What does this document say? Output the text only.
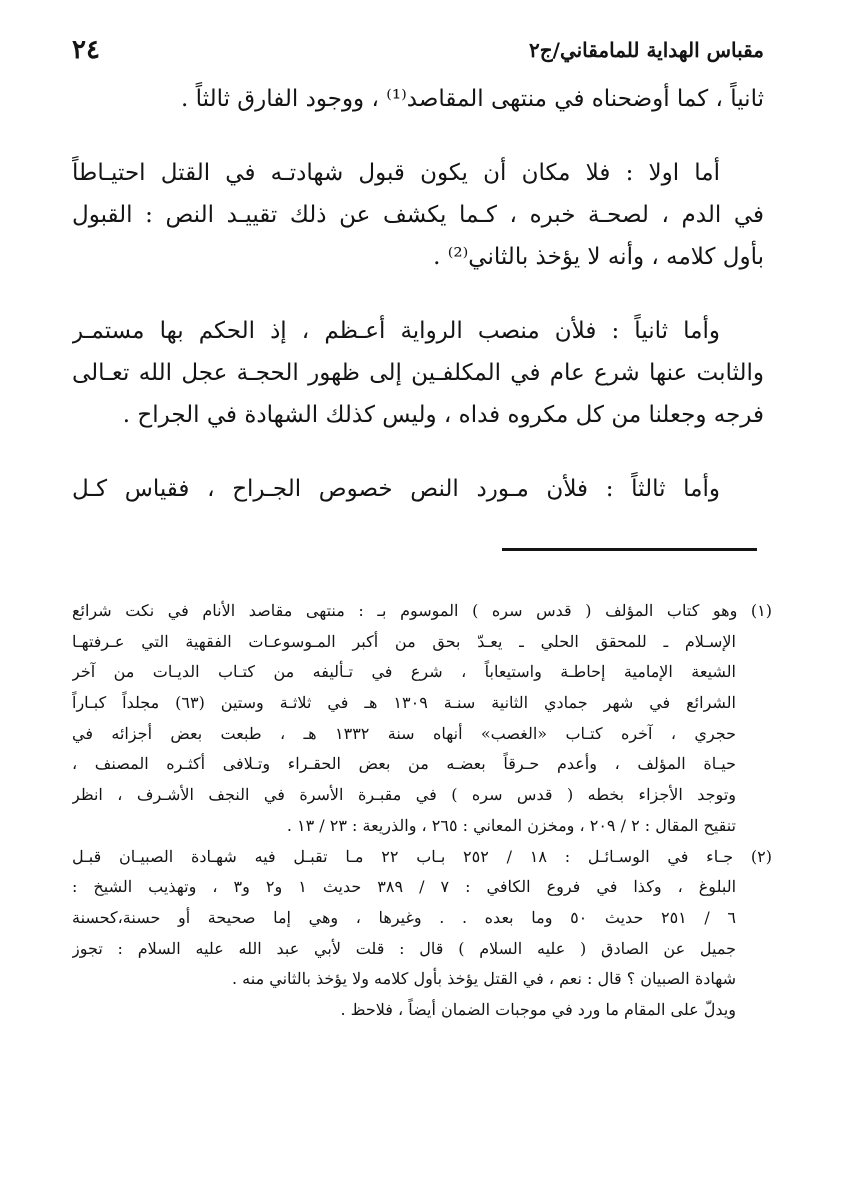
مقباس الهداية للمامقاني/ج٢
٢٤
ثانياً ، كما أوضحناه في منتهى المقاصد⁽¹⁾ ، ووجود الفارق ثالثاً .
أما اولا : فلا مكان أن يكون قبول شهادتـه في القتل احتيـاطاً
في الدم ، لصحـة خبره ، كـما يكشف عن ذلك تقييـد النص : القبول
بأول كلامه ، وأنه لا يؤخذ بالثاني⁽²⁾ .
وأما ثانياً : فلأن منصب الرواية أعـظم ، إذ الحكم بها مستمـر
والثابت عنها شرع عام في المكلفـين إلى ظهور الحجـة عجل الله تعـالى
فرجه وجعلنا من كل مكروه فداه ، وليس كذلك الشهادة في الجراح .
وأما ثالثاً : فلأن مـورد النص خصوص الجـراح ، فقياس كـل
(١) وهو كتاب المؤلف ( قدس سره ) الموسوم بـ : منتهى مقاصد الأنام في نكت شرائع
الإسـلام ـ للمحقق الحلي ـ يعـدّ بحق من أكبر المـوسوعـات الفقهية التي عـرفتهـا
الشيعة الإمامية إحاطـة واستيعاباً ، شرع في تـأليفه من كتـاب الديـات من آخر
الشرائع في شهر جمادي الثانية سنـة ١٣٠٩ هـ في ثلاثـة وستين (٦٣) مجلداً كبـاراً
حجري ، آخره كتـاب «الغصب» أنهاه سنة ١٣٣٢ هـ ، طبعت بعض أجزائه في
حيـاة المؤلف ، وأعدم حـرقاً بعضـه من بعض الحقـراء وتـلافى أكثـره المصنف ،
وتوجد الأجزاء بخطه ( قدس سره ) في مقبـرة الأسرة في النجف الأشـرف ، انظر
تنقيح المقال : ٢ / ٢٠٩ ، ومخزن المعاني : ٢٦٥ ، والذريعة : ٢٣ / ١٣ .
(٢) جـاء في الوسـائـل : ١٨ / ٢٥٢ بـاب ٢٢ مـا تقبـل فيه شهـادة الصبيـان قبـل
البلوغ ، وكذا في فروع الكافي : ٧ / ٣٨٩ حديث ١ و٢ و٣ ، وتهذيب الشيخ :
٦ / ٢٥١ حديث ٥٠ وما بعده . . وغيرها ، وهي إما صحيحة أو حسنة،كحسنة
جميل عن الصادق ( عليه السلام ) قال : قلت لأبي عبد الله عليه السلام : تجوز
شهادة الصبيان ؟ قال : نعم ، في القتل يؤخذ بأول كلامه ولا يؤخذ بالثاني منه .
ويدلّ على المقام ما ورد في موجبات الضمان أيضاً ، فلاحظ .
